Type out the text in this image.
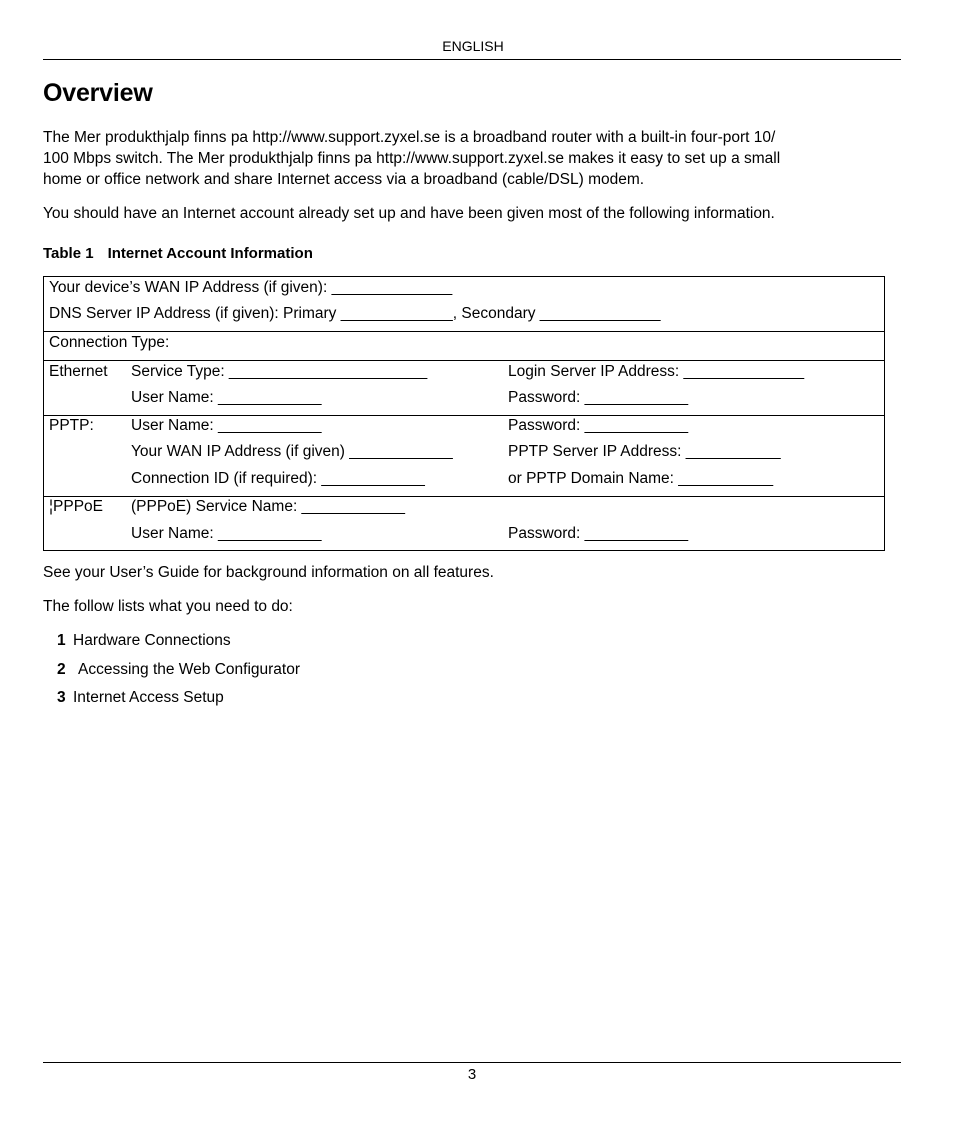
ENGLISH
Overview

The Mer produkthjalp finns pa http://www.support.zyxel.se is a broadband router with a built-in four-port 10/

100 Mbps switch. The Mer produkthjalp finns pa http://www.support.zyxel.se makes it easy to set up a small

home or office network and share Internet access via a broadband (cable/DSL) modem.

You should have an Internet account already set up and have been given most of the following information.

Table 1 Internet Account Information
Your device’s WAN IP Address (if given): ______________
DNS Server IP Address (if given): Primary _____________, Secondary ______________
Connection Type:
Ethernet Service Type: _______________________	Login Server IP Address: ______________
User Name: ____________	Password: ____________
PPTP: User Name: ____________	Password: ____________
Your WAN IP Address (if given) ____________	PPTP Server IP Address: ___________
Connection ID (if required): ____________	or PPTP Domain Name: ___________
¦PPPoE (PPPoE) Service Name: ____________
User Name: ____________	Password: ____________

See your User’s Guide for background information on all features.

The follow lists what you need to do:

1 Hardware Connections
2 Accessing the Web Configurator
3 Internet Access Setup
3
